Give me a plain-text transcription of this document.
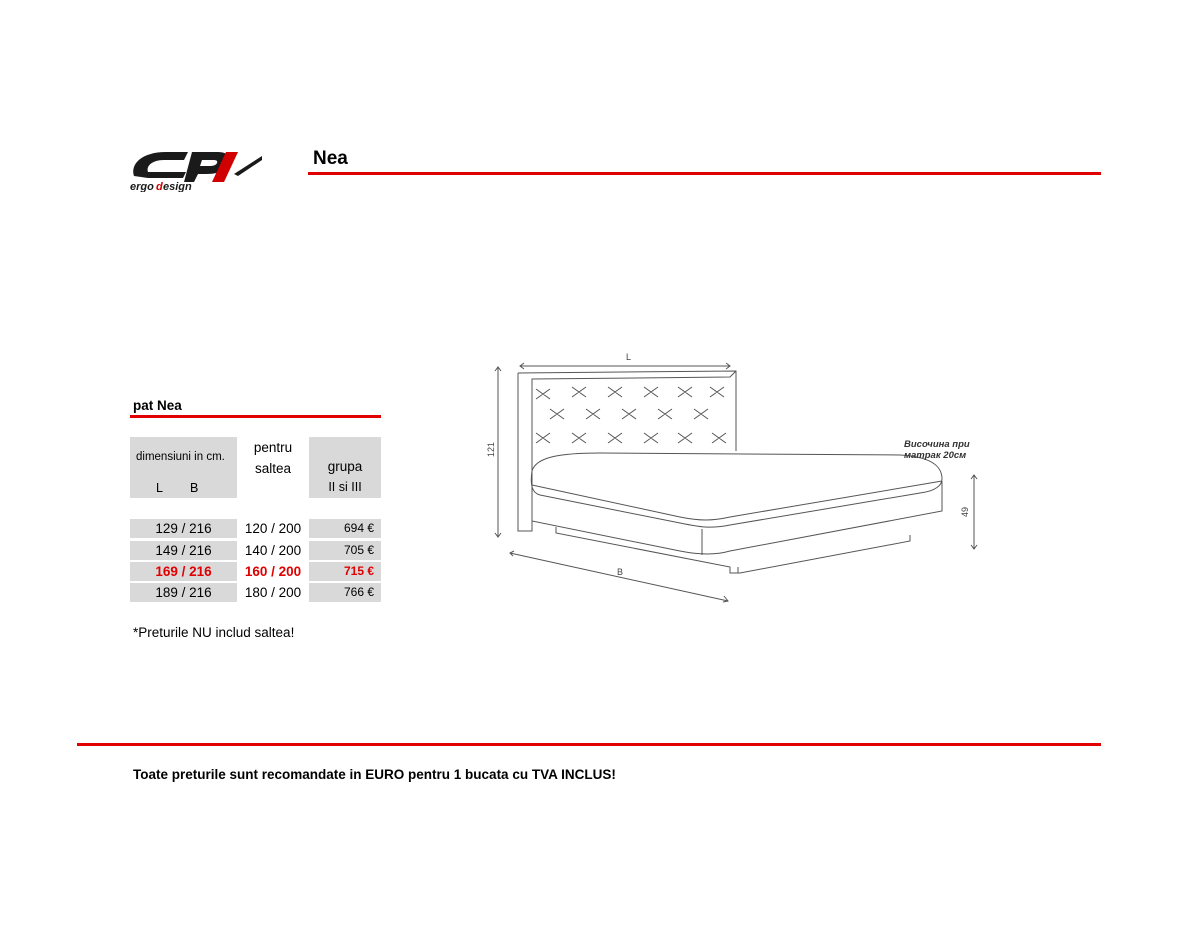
ergo d esign
Nea
pat Nea
dimensiuni in cm.
L B
pentru
saltea	grupa
II si III
129 / 216	120 / 200	694 €
149 / 216	140 / 200	705 €
169 / 216	160 / 200	715 €
189 / 216	180 / 200	766 €
*Preturile NU includ saltea!
L
121
49
B
Височина при
матрак 20см
Toate preturile sunt recomandate in EURO pentru 1 bucata cu TVA INCLUS!
